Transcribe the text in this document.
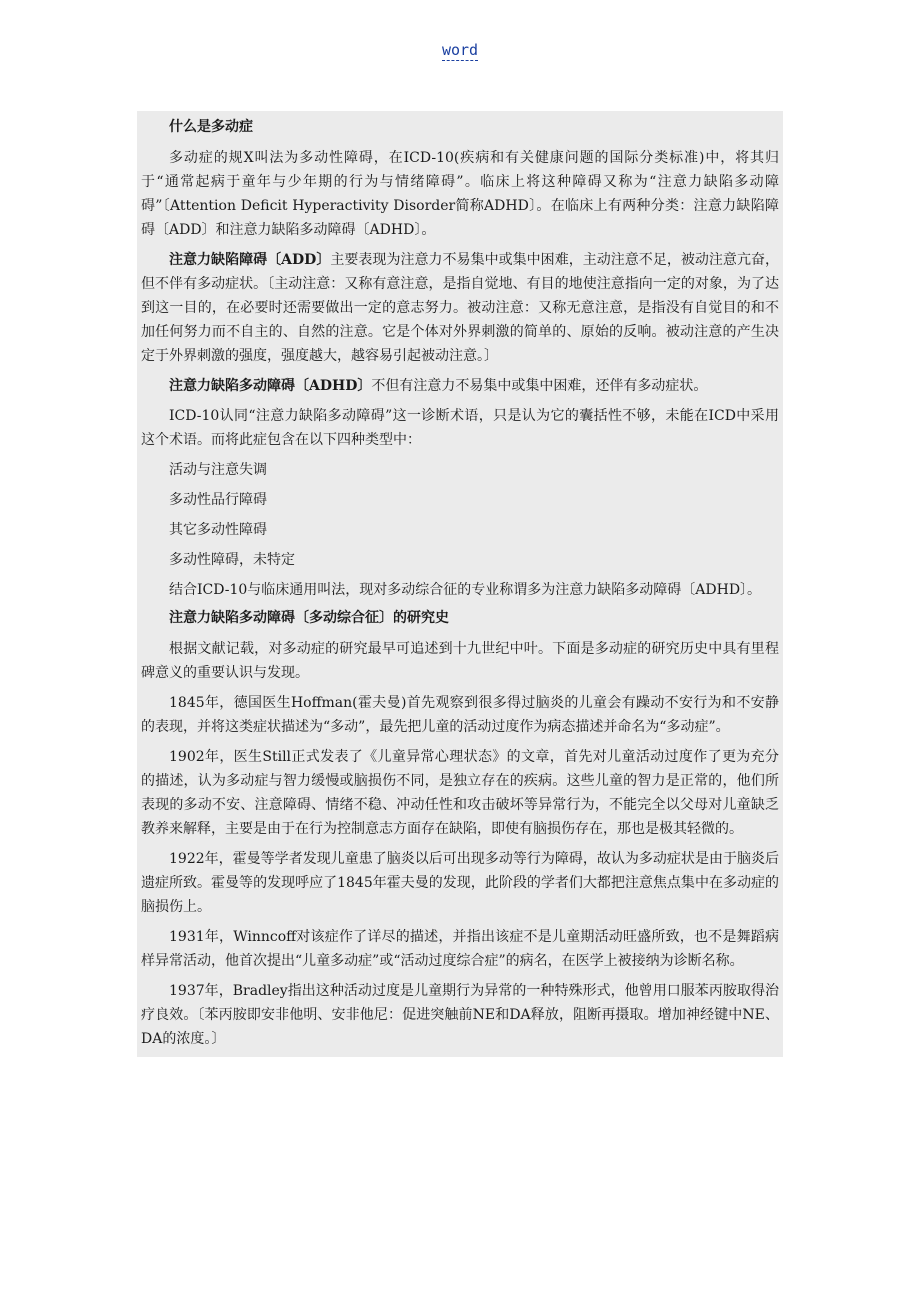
word
什么是多动症

多动症的规X叫法为多动性障碍，在ICD-10(疾病和有关健康问题的国际分类标准)中，将其归于“通常起病于童年与少年期的行为与情绪障碍”。临床上将这种障碍又称为“注意力缺陷多动障碍”〔Attention Deficit Hyperactivity Disorder简称ADHD〕。在临床上有两种分类：注意力缺陷障碍〔ADD〕和注意力缺陷多动障碍〔ADHD〕。

注意力缺陷障碍〔ADD〕主要表现为注意力不易集中或集中困难，主动注意不足，被动注意亢奋，但不伴有多动症状。〔主动注意：又称有意注意，是指自觉地、有目的地使注意指向一定的对象，为了达到这一目的，在必要时还需要做出一定的意志努力。被动注意：又称无意注意，是指没有自觉目的和不加任何努力而不自主的、自然的注意。它是个体对外界刺激的简单的、原始的反响。被动注意的产生决定于外界刺激的强度，强度越大，越容易引起被动注意。〕

注意力缺陷多动障碍〔ADHD〕不但有注意力不易集中或集中困难，还伴有多动症状。

ICD-10认同“注意力缺陷多动障碍”这一诊断术语，只是认为它的囊括性不够，未能在ICD中采用这个术语。而将此症包含在以下四种类型中：

活动与注意失调

多动性品行障碍

其它多动性障碍

多动性障碍，未特定

结合ICD-10与临床通用叫法，现对多动综合征的专业称谓多为注意力缺陷多动障碍〔ADHD〕。

注意力缺陷多动障碍〔多动综合征〕的研究史

根据文献记载，对多动症的研究最早可追述到十九世纪中叶。下面是多动症的研究历史中具有里程碑意义的重要认识与发现。

1845年，德国医生Hoffman(霍夫曼)首先观察到很多得过脑炎的儿童会有躁动不安行为和不安静的表现，并将这类症状描述为“多动”，最先把儿童的活动过度作为病态描述并命名为“多动症”。

1902年，医生Still正式发表了《儿童异常心理状态》的文章，首先对儿童活动过度作了更为充分的描述，认为多动症与智力缓慢或脑损伤不同，是独立存在的疾病。这些儿童的智力是正常的，他们所表现的多动不安、注意障碍、情绪不稳、冲动任性和攻击破坏等异常行为，不能完全以父母对儿童缺乏教养来解释，主要是由于在行为控制意志方面存在缺陷，即使有脑损伤存在，那也是极其轻微的。

1922年，霍曼等学者发现儿童患了脑炎以后可出现多动等行为障碍，故认为多动症状是由于脑炎后遗症所致。霍曼等的发现呼应了1845年霍夫曼的发现，此阶段的学者们大都把注意焦点集中在多动症的脑损伤上。

1931年，Winncoff对该症作了详尽的描述，并指出该症不是儿童期活动旺盛所致，也不是舞蹈病样异常活动，他首次提出“儿童多动症”或“活动过度综合症”的病名，在医学上被接纳为诊断名称。

1937年，Bradley指出这种活动过度是儿童期行为异常的一种特殊形式，他曾用口服苯丙胺取得治疗良效。〔苯丙胺即安非他明、安非他尼：促进突触前NE和DA释放，阻断再摄取。增加神经键中NE、DA的浓度。〕
